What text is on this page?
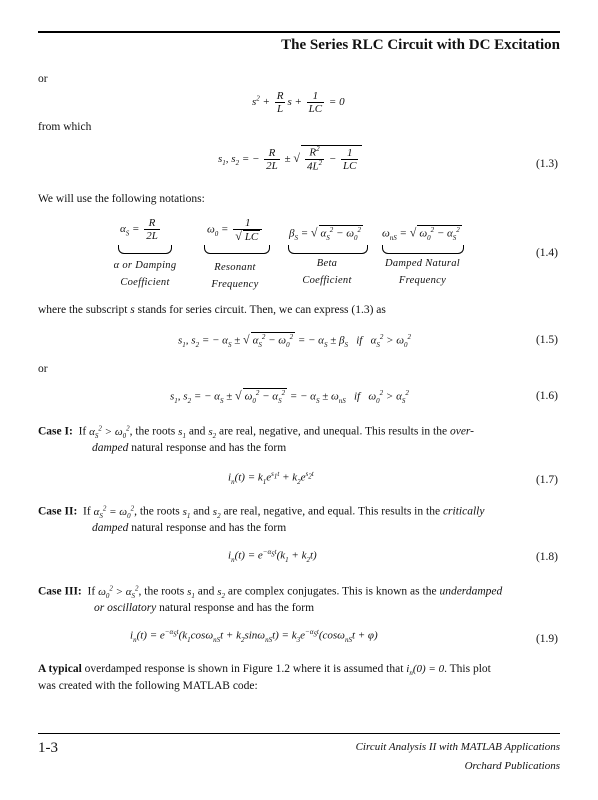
The Series RLC Circuit with DC Excitation
or
$s^2 + \frac{R}{L}$ $s + \frac{1}{LC} = 0$
from which
$s_1$, $s_2$ = − $\frac{R}{2L}$ ± √ $\frac{R^2}{4L^2} - \frac{1}{LC}$	(1.3)
We will use the following notations:
$\alpha_S = \frac{R}{2L}$	$\omega_0 = \frac{1}{√ LC} \beta_S$ = √ $\alpha_S^2 - \omega_0^2$ $\omega_{nS}$ = √ $\omega_0^2 - \alpha_S^2$
(1.4)
α or Damping
Coefficient
Resonant
Frequency
Beta
Coefficient
Damped Natural
Frequency
where the subscript s stands for series circuit. Then, we can express (1.3) as
$s_1$, $s_2$ = − $\alpha_S$ ± √ $\alpha_S^2 - \omega_0^2$ = − $\alpha_S \pm \beta_S$   if   $\alpha_S^2 > \omega_0^2$	(1.5)
or
$s_1$, $s_2$ = − $\alpha_S$ ± √ $\omega_0^2 - \alpha_S^2$ = − $\alpha_S \pm \omega_{nS}$   if   $\omega_0^2 > \alpha_S^2$	(1.6)
Case I:  If $\alpha_S^2 > \omega_0^2$, the roots $s_1$ and $s_2$ are real, negative, and unequal. This results in the over-
damped natural response and has the form
$i_n(t) = k_1e^{s_1t} + k_2e^{s_2t}$	(1.7)
Case II:  If $\alpha_S^2 = \omega_0^2$, the roots $s_1$ and $s_2$ are real, negative, and equal. This results in the critically
damped natural response and has the form
$i_n(t) = e^{-\alpha_St}(k_1 + k_2t)$	(1.8)
Case III:  If $\omega_0^2 > \alpha_S^2$, the roots $s_1$ and $s_2$ are complex conjugates. This is known as the underdamped
or oscillatory natural response and has the form
$i_n(t) = e^{-\alpha_St}(k_1\cos\omega_{nS}t + k_2\sin\omega_{nS}t) = k_3e^{-\alpha_St}(\cos\omega_{nS}t + \varphi)$	(1.9)
A typical overdamped response is shown in Figure 1.2 where it is assumed that $i_n(0) = 0$. This plot
was created with the following MATLAB code:
1-3	Circuit Analysis II with MATLAB Applications
Orchard Publications
